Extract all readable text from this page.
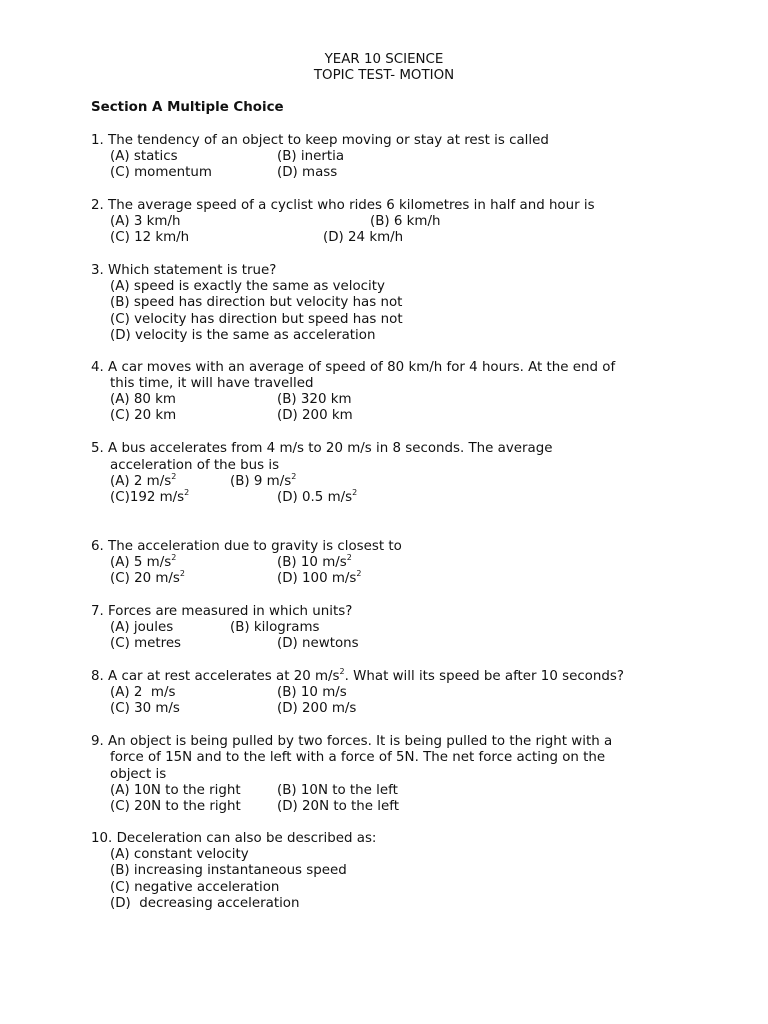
YEAR 10 SCIENCE
TOPIC TEST- MOTION
Section A Multiple Choice
1. The tendency of an object to keep moving or stay at rest is called
(A) statics	(B) inertia
(C) momentum	(D) mass
2. The average speed of a cyclist who rides 6 kilometres in half and hour is
(A) 3 km/h	(B) 6 km/h
(C) 12 km/h	(D) 24 km/h
3. Which statement is true?
(A) speed is exactly the same as velocity
(B) speed has direction but velocity has not
(C) velocity has direction but speed has not
(D) velocity is the same as acceleration
4. A car moves with an average of speed of 80 km/h for 4 hours. At the end of
this time, it will have travelled
(A) 80 km	(B) 320 km
(C) 20 km	(D) 200 km
5. A bus accelerates from 4 m/s to 20 m/s in 8 seconds. The average
acceleration of the bus is
(A) 2 $m/s^2$	(B) 9 $m/s^2$
(C)192 $m/s^2$	(D) 0.5 $m/s^2$
6. The acceleration due to gravity is closest to
(A) 5 $m/s^2$	(B) 10 $m/s^2$
(C) 20 $m/s^2$	(D) 100 $m/s^2$
7. Forces are measured in which units?
(A) joules	(B) kilograms
(C) metres	(D) newtons
8. A car at rest accelerates at 20 $m/s^2$. What will its speed be after 10 seconds?
(A) 2  m/s	(B) 10 m/s
(C) 30 m/s	(D) 200 m/s
9. An object is being pulled by two forces. It is being pulled to the right with a
force of 15N and to the left with a force of 5N. The net force acting on the
object is
(A) 10N to the right	(B) 10N to the left
(C) 20N to the right	(D) 20N to the left
10. Deceleration can also be described as:
(A) constant velocity
(B) increasing instantaneous speed
(C) negative acceleration
(D)  decreasing acceleration
